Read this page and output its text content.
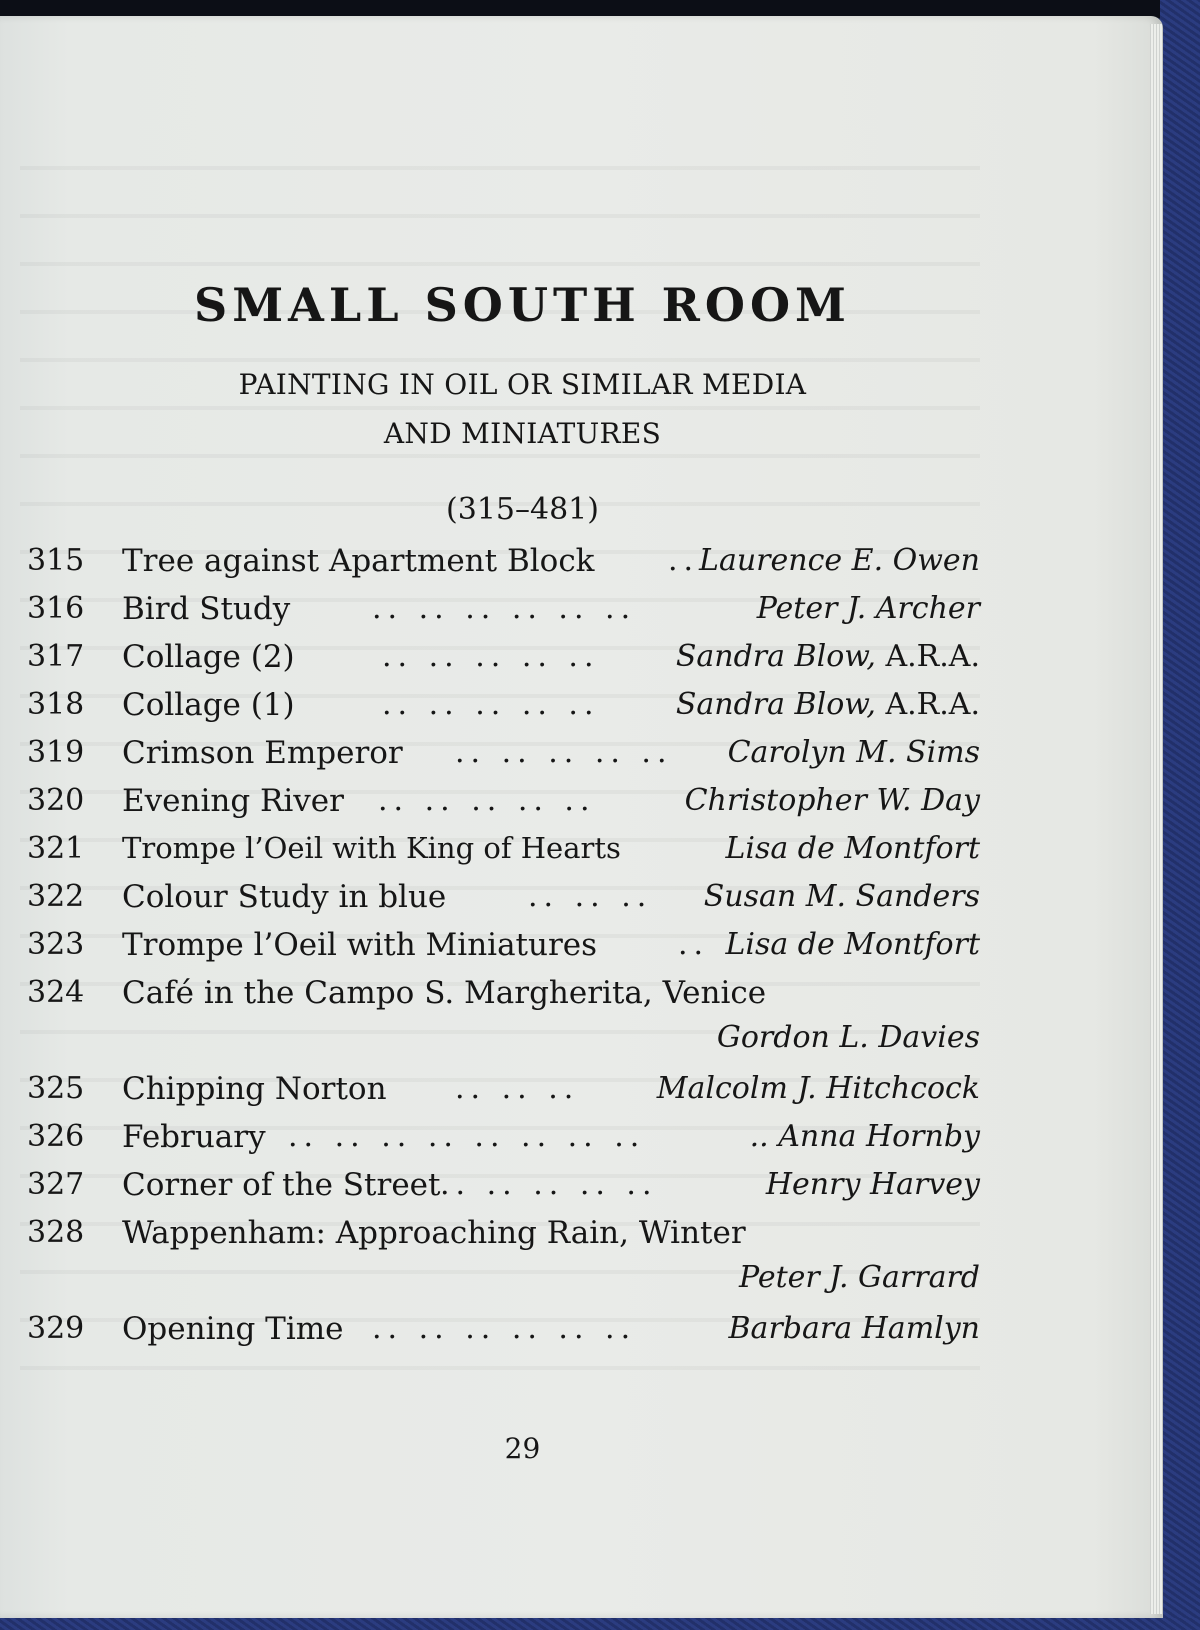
SMALL SOUTH ROOM
PAINTING IN OIL OR SIMILAR MEDIA
AND MINIATURES
(315–481)
315 Tree against Apartment Block .. Laurence E. Owen
316 Bird Study	.. .. .. .. .. ..	Peter J. Archer
317 Collage (2)	.. .. .. .. ..	Sandra Blow, A.R.A.
318 Collage (1)	.. .. .. .. ..	Sandra Blow, A.R.A.
319 Crimson Emperor .. .. .. .. .. Carolyn M. Sims
320 Evening River .. .. .. .. ..	Christopher W. Day
321 Trompe l’Oeil with King of Hearts	Lisa de Montfort
322 Colour Study in blue	.. .. .. Susan M. Sanders
323 Trompe l’Oeil with Miniatures	.. Lisa de Montfort
324 Café in the Campo S. Margherita, Venice
Gordon L. Davies
325 Chipping Norton .. .. ..	Malcolm J. Hitchcock
326 February .. .. .. .. .. .. .. ..	.. Anna Hornby
327 Corner of the Street .. .. .. .. ..	Henry Harvey
328 Wappenham: Approaching Rain, Winter
Peter J. Garrard
329 Opening Time .. .. .. .. .. ..	Barbara Hamlyn
29
